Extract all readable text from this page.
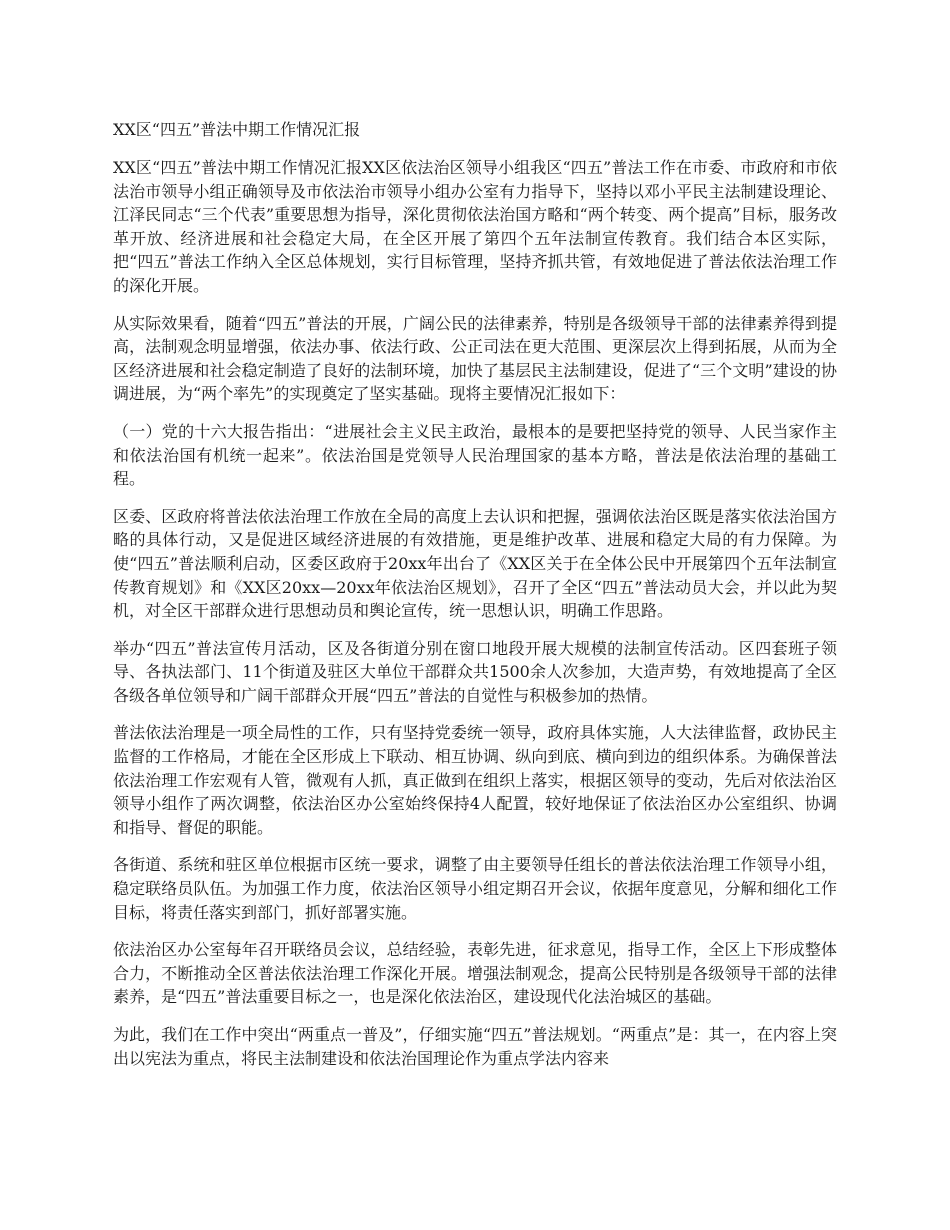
XX区“四五”普法中期工作情况汇报

XX区“四五”普法中期工作情况汇报XX区依法治区领导小组我区“四五”普法工作在市委、市政府和市依法治市领导小组正确领导及市依法治市领导小组办公室有力指导下，坚持以邓小平民主法制建设理论、江泽民同志“三个代表”重要思想为指导，深化贯彻依法治国方略和“两个转变、两个提高”目标，服务改革开放、经济进展和社会稳定大局，在全区开展了第四个五年法制宣传教育。我们结合本区实际，把“四五”普法工作纳入全区总体规划，实行目标管理，坚持齐抓共管，有效地促进了普法依法治理工作的深化开展。

从实际效果看，随着“四五”普法的开展，广阔公民的法律素养，特别是各级领导干部的法律素养得到提高，法制观念明显增强，依法办事、依法行政、公正司法在更大范围、更深层次上得到拓展，从而为全区经济进展和社会稳定制造了良好的法制环境，加快了基层民主法制建设，促进了“三个文明”建设的协调进展，为“两个率先”的实现奠定了坚实基础。现将主要情况汇报如下：

（一）党的十六大报告指出：“进展社会主义民主政治，最根本的是要把坚持党的领导、人民当家作主和依法治国有机统一起来”。依法治国是党领导人民治理国家的基本方略，普法是依法治理的基础工程。

区委、区政府将普法依法治理工作放在全局的高度上去认识和把握，强调依法治区既是落实依法治国方略的具体行动，又是促进区域经济进展的有效措施，更是维护改革、进展和稳定大局的有力保障。为使“四五”普法顺利启动，区委区政府于20xx年出台了《XX区关于在全体公民中开展第四个五年法制宣传教育规划》和《XX区20xx—20xx年依法治区规划》，召开了全区“四五”普法动员大会，并以此为契机，对全区干部群众进行思想动员和舆论宣传，统一思想认识，明确工作思路。

举办“四五”普法宣传月活动，区及各街道分别在窗口地段开展大规模的法制宣传活动。区四套班子领导、各执法部门、11个街道及驻区大单位干部群众共1500余人次参加，大造声势，有效地提高了全区各级各单位领导和广阔干部群众开展“四五”普法的自觉性与积极参加的热情。

普法依法治理是一项全局性的工作，只有坚持党委统一领导，政府具体实施，人大法律监督，政协民主监督的工作格局，才能在全区形成上下联动、相互协调、纵向到底、横向到边的组织体系。为确保普法依法治理工作宏观有人管，微观有人抓，真正做到在组织上落实，根据区领导的变动，先后对依法治区领导小组作了两次调整，依法治区办公室始终保持4人配置，较好地保证了依法治区办公室组织、协调和指导、督促的职能。

各街道、系统和驻区单位根据市区统一要求，调整了由主要领导任组长的普法依法治理工作领导小组，稳定联络员队伍。为加强工作力度，依法治区领导小组定期召开会议，依据年度意见，分解和细化工作目标，将责任落实到部门，抓好部署实施。

依法治区办公室每年召开联络员会议，总结经验，表彰先进，征求意见，指导工作，全区上下形成整体合力，不断推动全区普法依法治理工作深化开展。增强法制观念，提高公民特别是各级领导干部的法律素养，是“四五”普法重要目标之一，也是深化依法治区，建设现代化法治城区的基础。

为此，我们在工作中突出“两重点一普及”，仔细实施“四五”普法规划。“两重点”是：其一，在内容上突出以宪法为重点，将民主法制建设和依法治国理论作为重点学法内容来
